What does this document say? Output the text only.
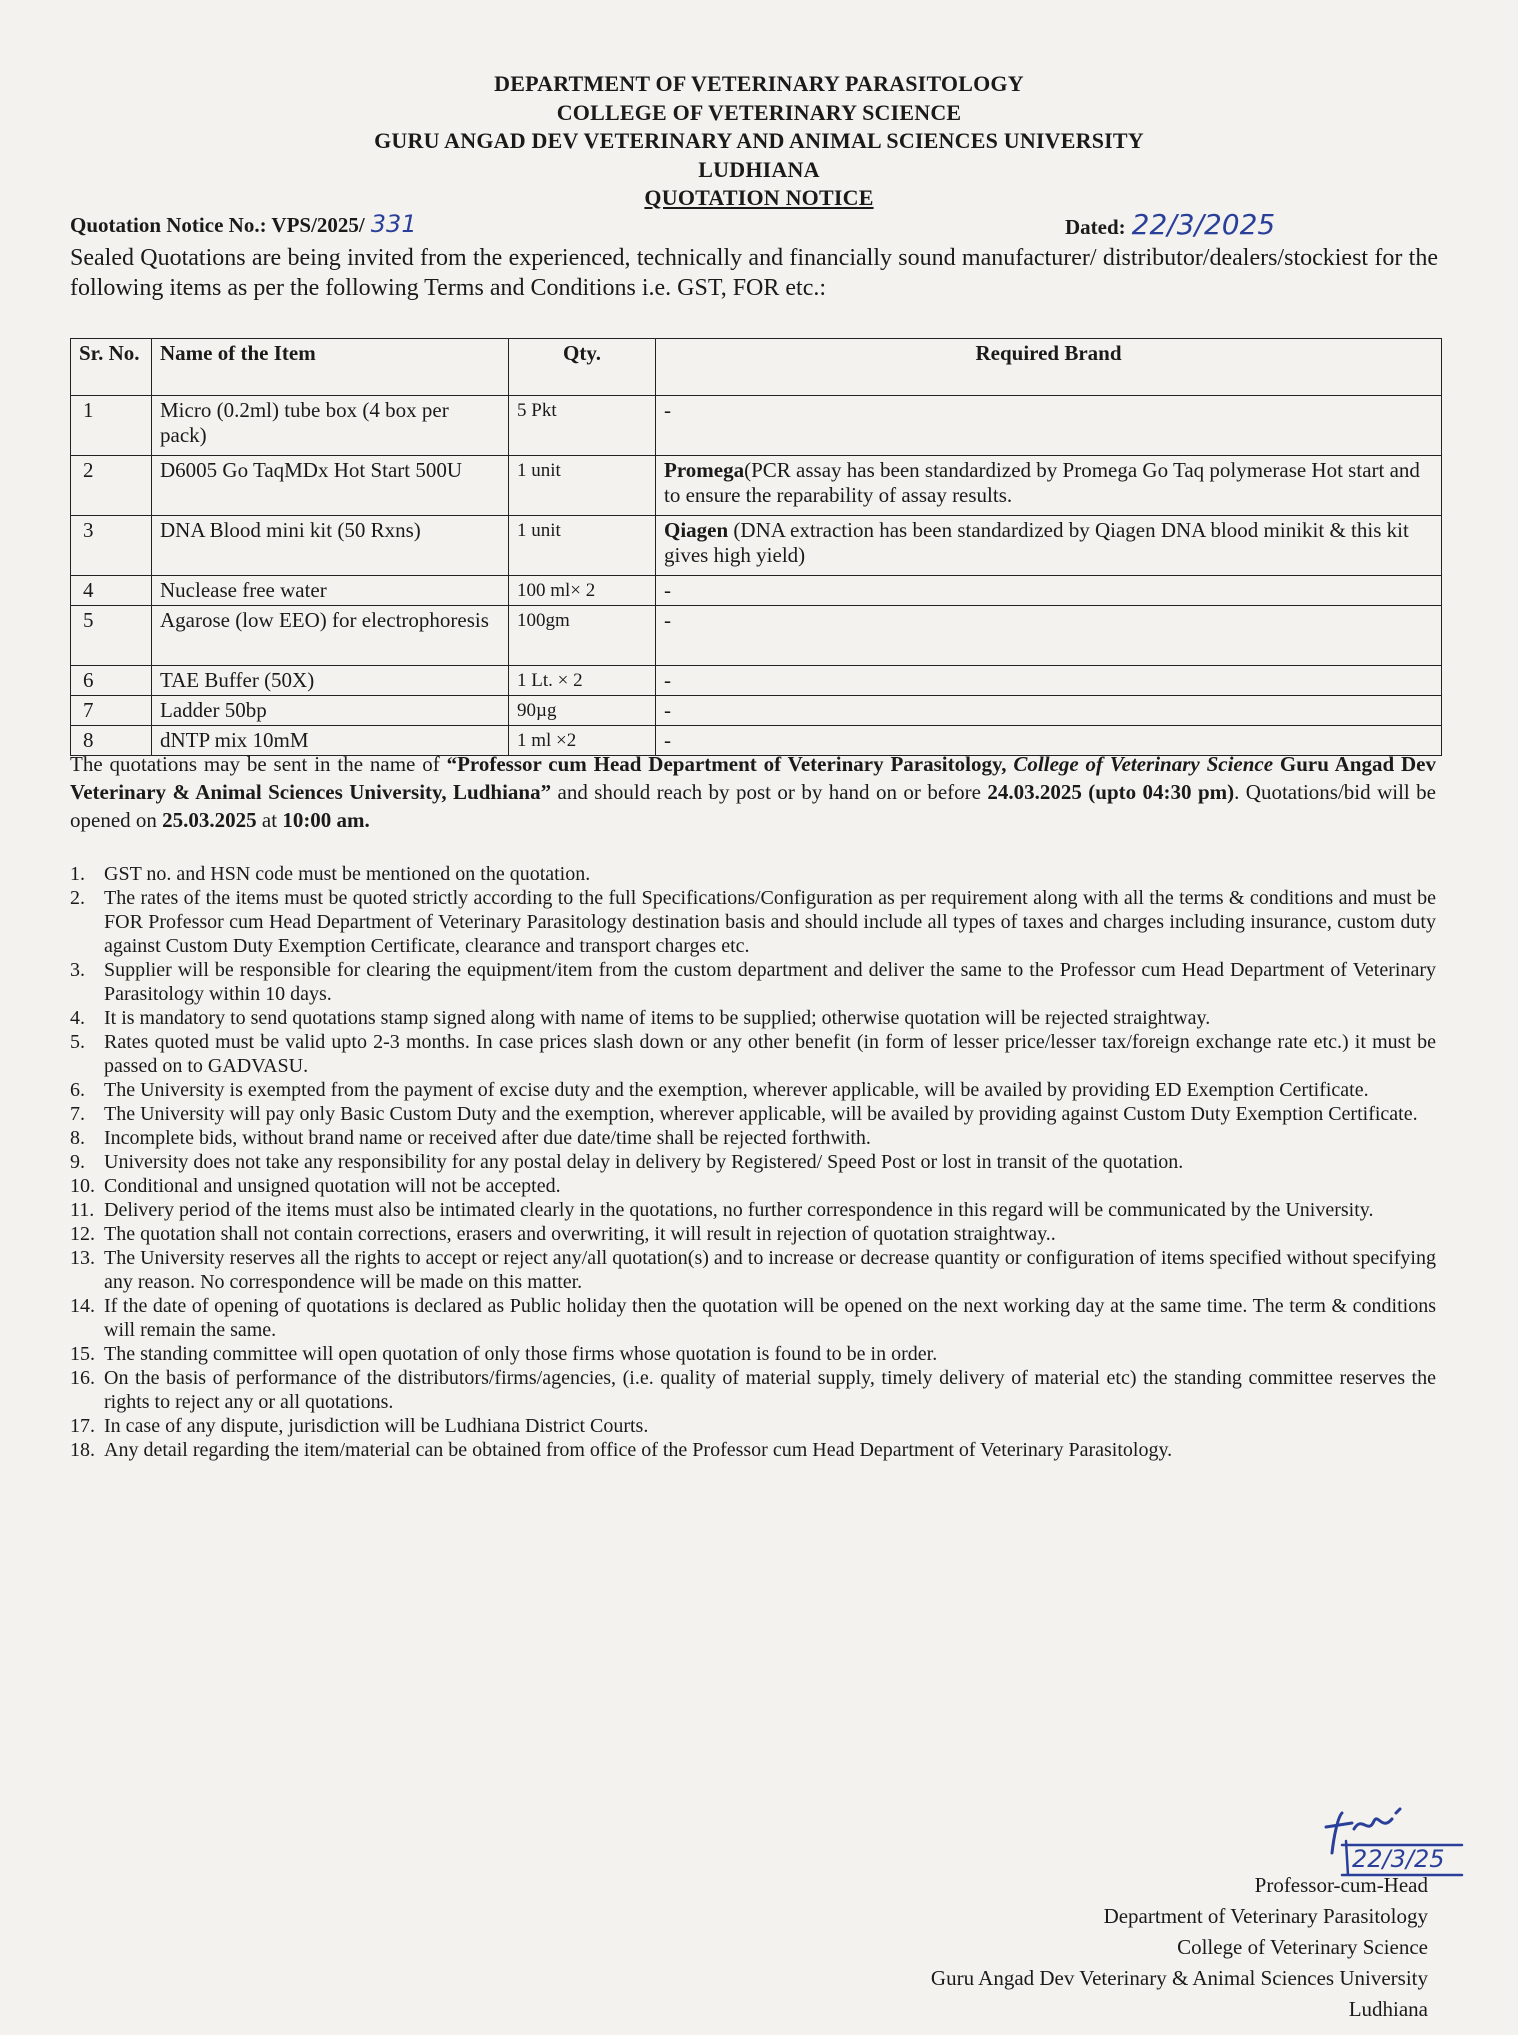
DEPARTMENT OF VETERINARY PARASITOLOGY
COLLEGE OF VETERINARY SCIENCE
GURU ANGAD DEV VETERINARY AND ANIMAL SCIENCES UNIVERSITY
LUDHIANA
QUOTATION NOTICE
Quotation Notice No.: VPS/2025/ 331	Dated: 22/3/2025
Sealed Quotations are being invited from the experienced, technically and financially sound manufacturer/ distributor/dealers/stockiest for the following items as per the following Terms and Conditions i.e. GST, FOR etc.:
Sr. No.	Name of the Item	Qty.	Required Brand
1	Micro (0.2ml) tube box (4 box per pack)	5 Pkt	-
2	D6005 Go TaqMDx Hot Start 500U	1 unit	Promega(PCR assay has been standardized by Promega Go Taq polymerase Hot start and to ensure the reparability of assay results.
3	DNA Blood mini kit (50 Rxns)	1 unit	Qiagen (DNA extraction has been standardized by Qiagen DNA blood minikit & this kit gives high yield)
4	Nuclease free water	100 ml× 2	-
5	Agarose (low EEO) for electrophoresis	100gm	-
6	TAE Buffer (50X)	1 Lt. × 2	-
7	Ladder 50bp	90µg	-
8	dNTP mix 10mM	1 ml ×2	-
The quotations may be sent in the name of “Professor cum Head Department of Veterinary Parasitology, College of Veterinary Science Guru Angad Dev Veterinary & Animal Sciences University, Ludhiana” and should reach by post or by hand on or before 24.03.2025 (upto 04:30 pm). Quotations/bid will be opened on 25.03.2025 at 10:00 am.
1. GST no. and HSN code must be mentioned on the quotation.
2. The rates of the items must be quoted strictly according to the full Specifications/Configuration as per requirement along with all the terms & conditions and must be FOR Professor cum Head Department of Veterinary Parasitology destination basis and should include all types of taxes and charges including insurance, custom duty against Custom Duty Exemption Certificate, clearance and transport charges etc.
3. Supplier will be responsible for clearing the equipment/item from the custom department and deliver the same to the Professor cum Head Department of Veterinary Parasitology within 10 days.
4. It is mandatory to send quotations stamp signed along with name of items to be supplied; otherwise quotation will be rejected straightway.
5. Rates quoted must be valid upto 2-3 months. In case prices slash down or any other benefit (in form of lesser price/lesser tax/foreign exchange rate etc.) it must be passed on to GADVASU.
6. The University is exempted from the payment of excise duty and the exemption, wherever applicable, will be availed by providing ED Exemption Certificate.
7. The University will pay only Basic Custom Duty and the exemption, wherever applicable, will be availed by providing against Custom Duty Exemption Certificate.
8. Incomplete bids, without brand name or received after due date/time shall be rejected forthwith.
9. University does not take any responsibility for any postal delay in delivery by Registered/ Speed Post or lost in transit of the quotation.
10. Conditional and unsigned quotation will not be accepted.
11. Delivery period of the items must also be intimated clearly in the quotations, no further correspondence in this regard will be communicated by the University.
12. The quotation shall not contain corrections, erasers and overwriting, it will result in rejection of quotation straightway..
13. The University reserves all the rights to accept or reject any/all quotation(s) and to increase or decrease quantity or configuration of items specified without specifying any reason. No correspondence will be made on this matter.
14. If the date of opening of quotations is declared as Public holiday then the quotation will be opened on the next working day at the same time. The term & conditions will remain the same.
15. The standing committee will open quotation of only those firms whose quotation is found to be in order.
16. On the basis of performance of the distributors/firms/agencies, (i.e. quality of material supply, timely delivery of material etc) the standing committee reserves the rights to reject any or all quotations.
17. In case of any dispute, jurisdiction will be Ludhiana District Courts.
18. Any detail regarding the item/material can be obtained from office of the Professor cum Head Department of Veterinary Parasitology.
22/3/25
Professor-cum-Head
Department of Veterinary Parasitology
College of Veterinary Science
Guru Angad Dev Veterinary & Animal Sciences University
Ludhiana
